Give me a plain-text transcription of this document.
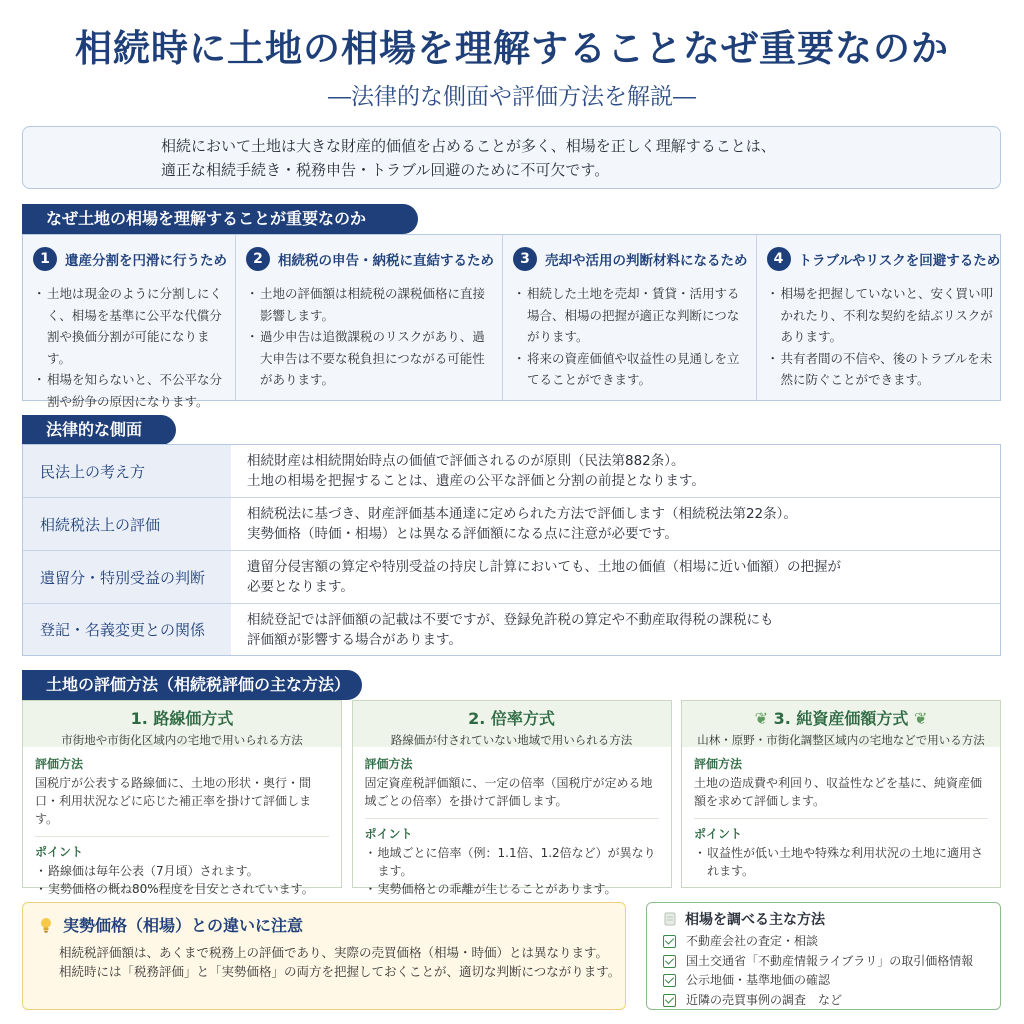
相続時に土地の相場を理解することなぜ重要なのか
―法律的な側面や評価方法を解説―
相続において土地は大きな財産的価値を占めることが多く、相場を正しく理解することは、
適正な相続手続き・税務申告・トラブル回避のために不可欠です。
なぜ土地の相場を理解することが重要なのか
1	遺産分割を円滑に行うため
・ 土地は現金のように分割しにくく、相場を基準に公平な代償分割や換価分割が可能になります。
・ 相場を知らないと、不公平な分割や紛争の原因になります。
2	相続税の申告・納税に直結するため
・ 土地の評価額は相続税の課税価格に直接影響します。
・ 過少申告は追徴課税のリスクがあり、過大申告は不要な税負担につながる可能性があります。
3	売却や活用の判断材料になるため
・ 相続した土地を売却・賃貸・活用する場合、相場の把握が適正な判断につながります。
・ 将来の資産価値や収益性の見通しを立てることができます。
4	トラブルやリスクを回避するため
・ 相場を把握していないと、安く買い叩かれたり、不利な契約を結ぶリスクがあります。
・ 共有者間の不信や、後のトラブルを未然に防ぐことができます。
法律的な側面
民法上の考え方
相続財産は相続開始時点の価値で評価されるのが原則（民法第882条）。
土地の相場を把握することは、遺産の公平な評価と分割の前提となります。
相続税法上の評価
相続税法に基づき、財産評価基本通達に定められた方法で評価します（相続税法第22条）。
実勢価格（時価・相場）とは異なる評価額になる点に注意が必要です。
遺留分・特別受益の判断
遺留分侵害額の算定や特別受益の持戻し計算においても、土地の価値（相場に近い価額）の把握が
必要となります。
登記・名義変更との関係
相続登記では評価額の記載は不要ですが、登録免許税の算定や不動産取得税の課税にも
評価額が影響する場合があります。
土地の評価方法（相続税評価の主な方法）
1. 路線価方式
市街地や市街化区域内の宅地で用いられる方法
評価方法
国税庁が公表する路線価に、土地の形状・奥行・間口・利用状況などに応じた補正率を掛けて評価します。
ポイント
・ 路線価は毎年公表（7月頃）されます。
・ 実勢価格の概ね80%程度を目安とされています。
2. 倍率方式
路線価が付されていない地域で用いられる方法
評価方法
固定資産税評価額に、一定の倍率（国税庁が定める地域ごとの倍率）を掛けて評価します。
ポイント
・ 地域ごとに倍率（例：1.1倍、1.2倍など）が異なります。
・ 実勢価格との乖離が生じることがあります。
❦ 3. 純資産価額方式 ❦
山林・原野・市街化調整区域内の宅地などで用いる方法
評価方法
土地の造成費や利回り、収益性などを基に、純資産価額を求めて評価します。
ポイント
・ 収益性が低い土地や特殊な利用状況の土地に適用されます。
実勢価格（相場）との違いに注意
相続税評価額は、あくまで税務上の評価であり、実際の売買価格（相場・時価）とは異なります。
相続時には「税務評価」と「実勢価格」の両方を把握しておくことが、適切な判断につながります。
相場を調べる主な方法
不動産会社の査定・相談
国土交通省「不動産情報ライブラリ」の取引価格情報
公示地価・基準地価の確認
近隣の売買事例の調査　など
